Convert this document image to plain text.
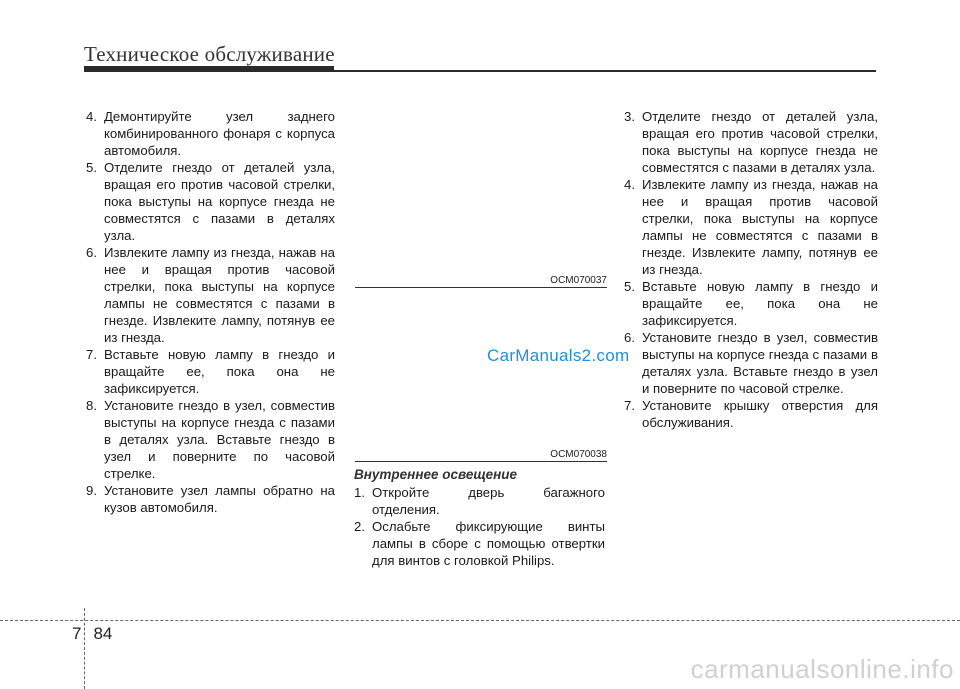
Техническое обслуживание
4. Демонтируйте узел заднего комбинированного фонаря с корпуса автомобиля.
5. Отделите гнездо от деталей узла, вращая его против часовой стрелки, пока выступы на корпусе гнезда не совместятся с пазами в деталях узла.
6. Извлеките лампу из гнезда, нажав на нее и вращая против часовой стрелки, пока выступы на корпусе лампы не совместятся с пазами в гнезде. Извлеките лампу, потянув ее из гнезда.
7. Вставьте новую лампу в гнездо и вращайте ее, пока она не зафиксируется.
8. Установите гнездо в узел, совместив выступы на корпусе гнезда с пазами в деталях узла. Вставьте гнездо в узел и поверните по часовой стрелке.
9. Установите узел лампы обратно на кузов автомобиля.
OCM070037
OCM070038
CarManuals2.com
Внутреннее освещение
1. Откройте дверь багажного отделения.
2. Ослабьте фиксирующие винты лампы в сборе с помощью отвертки для винтов с головкой Philips.
3. Отделите гнездо от деталей узла, вращая его против часовой стрелки, пока выступы на корпусе гнезда не совместятся с пазами в деталях узла.
4. Извлеките лампу из гнезда, нажав на нее и вращая против часовой стрелки, пока выступы на корпусе лампы не совместятся с пазами в гнезде. Извлеките лампу, потянув ее из гнезда.
5. Вставьте новую лампу в гнездо и вращайте ее, пока она не зафиксируется.
6. Установите гнездо в узел, совместив выступы на корпусе гнезда с пазами в деталях узла. Вставьте гнездо в узел и поверните по часовой стрелке.
7. Установите крышку отверстия для обслуживания.
7 84
carmanualsonline.info
